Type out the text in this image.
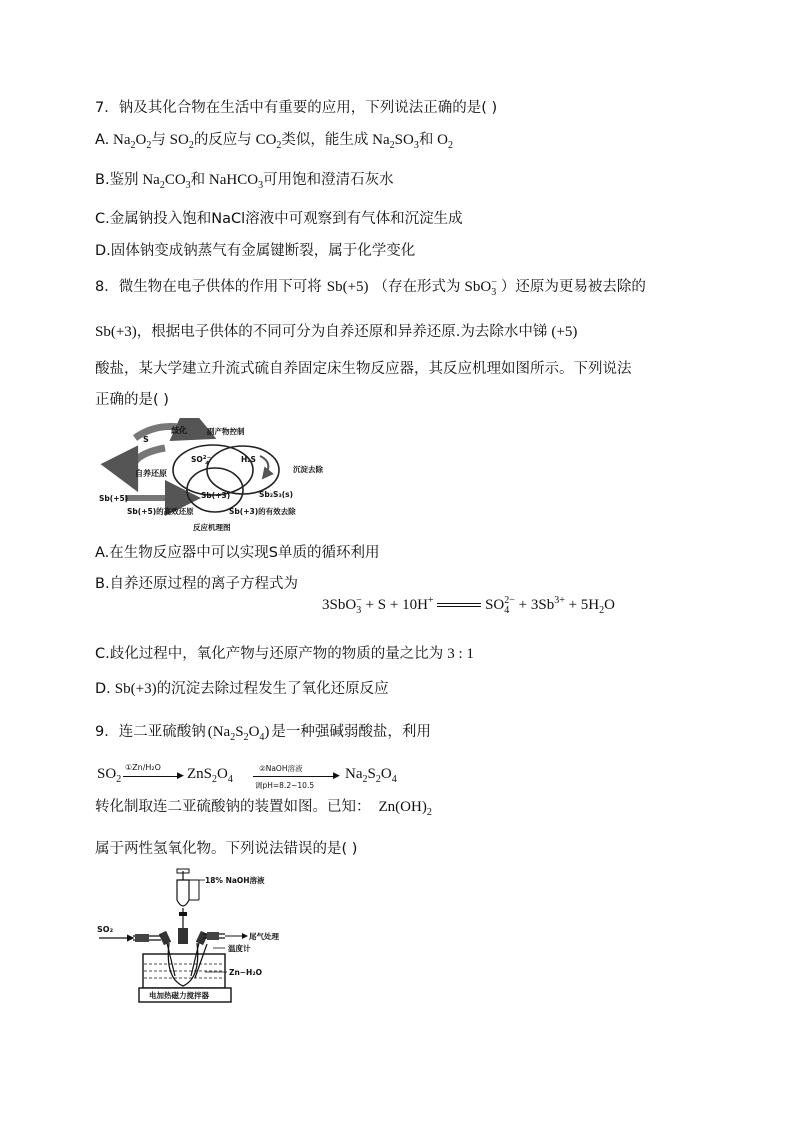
7．钠及其化合物在生活中有重要的应用，下列说法正确的是( )
A. $Na_2O_2$与 $SO_2$的反应与 $CO_2$类似，能生成 $Na_2SO_3$和 $O_2$
B.鉴别 $Na_2CO_3$和 NaHCO$_3$可用饱和澄清石灰水
C.金属钠投入饱和NaCl溶液中可观察到有气体和沉淀生成
D.固体钠变成钠蒸气有金属键断裂，属于化学变化
8．微生物在电子供体的作用下可将 Sb(+5) （存在形式为 SbO$_3$− ）还原为更易被去除的
Sb(+3)，根据电子供体的不同可分为自养还原和异养还原.为去除水中锑 (+5)
酸盐，某大学建立升流式硫自养固定床生物反应器，其反应机理如图所示。下列说法
正确的是( )
S
歧化	副产物控制
$SO^{2-}$ 4	H₂S
沉淀去除
自养还原
Sb(+5)	Sb(+3)	Sb₂S₃(s)
Sb(+5)的高效还原	Sb(+3)的有效去除
反应机理图
A.在生物反应器中可以实现S单质的循环利用
B.自养还原过程的离子方程式为
3SbO$_3$− + S + 10H+	$SO_4^{2-} + 3Sb^{3+} + 5H_2O$
C.歧化过程中，氧化产物与还原产物的物质的量之比为 3 : 1
D. Sb(+3)的沉淀去除过程发生了氧化还原反应
9．连二亚硫酸钠 $(Na_2S_2O_4)$ 是一种强碱弱酸盐，利用
$SO_2$
①Zn/H₂O
▶ $ZnS_2O_4$
②NaOH溶液
▶
调pH=8.2~10.5
$Na_2S_2O_4$
转化制取连二亚硫酸钠的装置如图。已知： $Zn(OH)_2$
属于两性氢氧化物。下列说法错误的是( )
18% NaOH溶液
SO₂
尾气处理
温度计
Zn−H₂O
电加热磁力搅拌器
